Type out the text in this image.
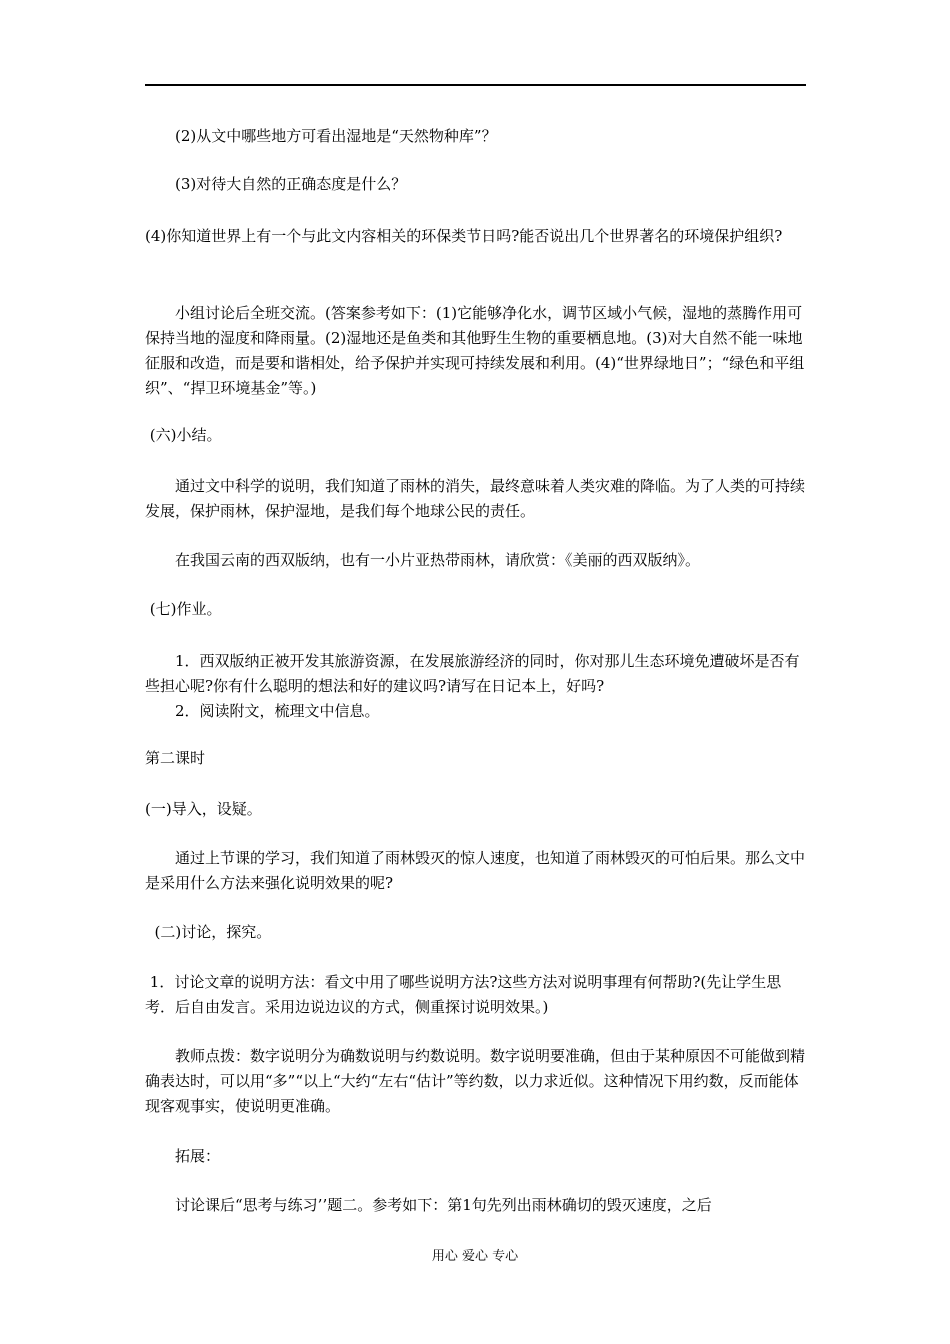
　　(2)从文中哪些地方可看出湿地是“天然物种库”？
　　(3)对待大自然的正确态度是什么？
(4)你知道世界上有一个与此文内容相关的环保类节日吗?能否说出几个世界著名的环境保护组织?
　　小组讨论后全班交流。(答案参考如下：(1)它能够净化水，调节区域小气候，湿地的蒸腾作用可保持当地的湿度和降雨量。(2)湿地还是鱼类和其他野生生物的重要栖息地。(3)对大自然不能一味地征服和改造，而是要和谐相处，给予保护并实现可持续发展和利用。(4)“世界绿地日”；“绿色和平组织”、“捍卫环境基金”等。)
(六)小结。
　　通过文中科学的说明，我们知道了雨林的消失，最终意味着人类灾难的降临。为了人类的可持续发展，保护雨林，保护湿地，是我们每个地球公民的责任。
　　在我国云南的西双版纳，也有一小片亚热带雨林，请欣赏：《美丽的西双版纳》。
(七)作业。
　　1．西双版纳正被开发其旅游资源，在发展旅游经济的同时，你对那儿生态环境免遭破坏是否有些担心呢?你有什么聪明的想法和好的建议吗?请写在日记本上，好吗?
　　2．阅读附文，梳理文中信息。
第二课时
(一)导入，设疑。
　　通过上节课的学习，我们知道了雨林毁灭的惊人速度，也知道了雨林毁灭的可怕后果。那么文中是采用什么方法来强化说明效果的呢?
(二)讨论，探究。
1．讨论文章的说明方法：看文中用了哪些说明方法?这些方法对说明事理有何帮助?(先让学生思考．后自由发言。采用边说边议的方式，侧重探讨说明效果。)
　　教师点拨：数字说明分为确数说明与约数说明。数字说明要准确，但由于某种原因不可能做到精确表达时，可以用“多”“以上“大约“左右“估计”等约数，以力求近似。这种情况下用约数，反而能体现客观事实，使说明更准确。
　　拓展：
　　讨论课后“思考与练习’’题二。参考如下：第1句先列出雨林确切的毁灭速度，之后
用心 爱心 专心
